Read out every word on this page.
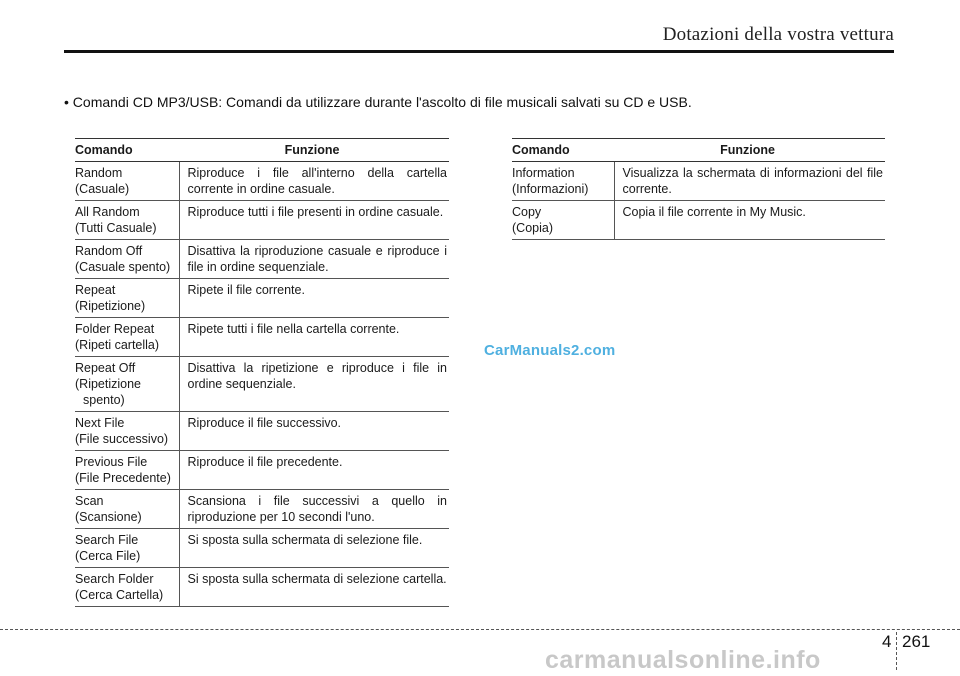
Dotazioni della vostra vettura
• Comandi CD MP3/USB: Comandi da utilizzare durante l'ascolto di file musicali salvati su CD e USB.
Comando	Funzione

Random
(Casuale)	Riproduce i file all'interno della cartella corrente in ordine casuale.

All Random
(Tutti Casuale)	Riproduce tutti i file presenti in ordine casuale.

Random Off
(Casuale spento)	Disattiva la riproduzione casuale e riproduce i file in ordine sequenziale.

Repeat
(Ripetizione)	Ripete il file corrente.

Folder Repeat
(Ripeti cartella)	Ripete tutti i file nella cartella corrente.

Repeat Off
(Ripetizione
spento)	Disattiva la ripetizione e riproduce i file in ordine sequenziale.

Next File
(File successivo)	Riproduce il file successivo.

Previous File
(File Precedente)	Riproduce il file precedente.

Scan
(Scansione)	Scansiona i file successivi a quello in riproduzione per 10 secondi l'uno.

Search File
(Cerca File)	Si sposta sulla schermata di selezione file.

Search Folder
(Cerca Cartella)	Si sposta sulla schermata di selezione cartella.
Comando	Funzione

Information
(Informazioni)	Visualizza la schermata di informazioni del file corrente.

Copy
(Copia)	Copia il file corrente in My Music.
CarManuals2.com
4 261
carmanualsonline.info
